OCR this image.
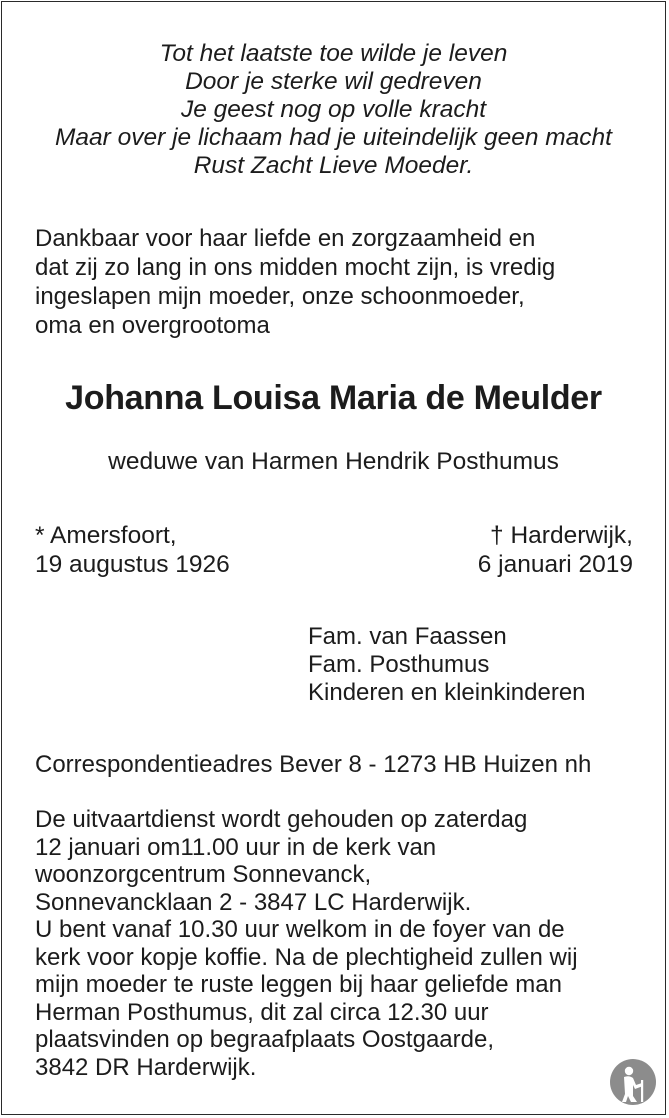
Tot het laatste toe wilde je leven
Door je sterke wil gedreven
Je geest nog op volle kracht
Maar over je lichaam had je uiteindelijk geen macht
Rust Zacht Lieve Moeder.
Dankbaar voor haar liefde en zorgzaamheid en
dat zij zo lang in ons midden mocht zijn, is vredig
ingeslapen mijn moeder, onze schoonmoeder,
oma en overgrootoma
Johanna Louisa Maria de Meulder
weduwe van Harmen Hendrik Posthumus
* Amersfoort,
19 augustus 1926
† Harderwijk,
6 januari 2019
Fam. van Faassen
Fam. Posthumus
Kinderen en kleinkinderen
Correspondentieadres Bever 8 - 1273 HB Huizen nh
De uitvaartdienst wordt gehouden op zaterdag
12 januari om11.00 uur in de kerk van
woonzorgcentrum Sonnevanck,
Sonnevancklaan 2 - 3847 LC Harderwijk.
U bent vanaf 10.30 uur welkom in de foyer van de
kerk voor kopje koffie. Na de plechtigheid zullen wij
mijn moeder te ruste leggen bij haar geliefde man
Herman Posthumus, dit zal circa 12.30 uur
plaatsvinden op begraafplaats Oostgaarde,
3842 DR Harderwijk.
